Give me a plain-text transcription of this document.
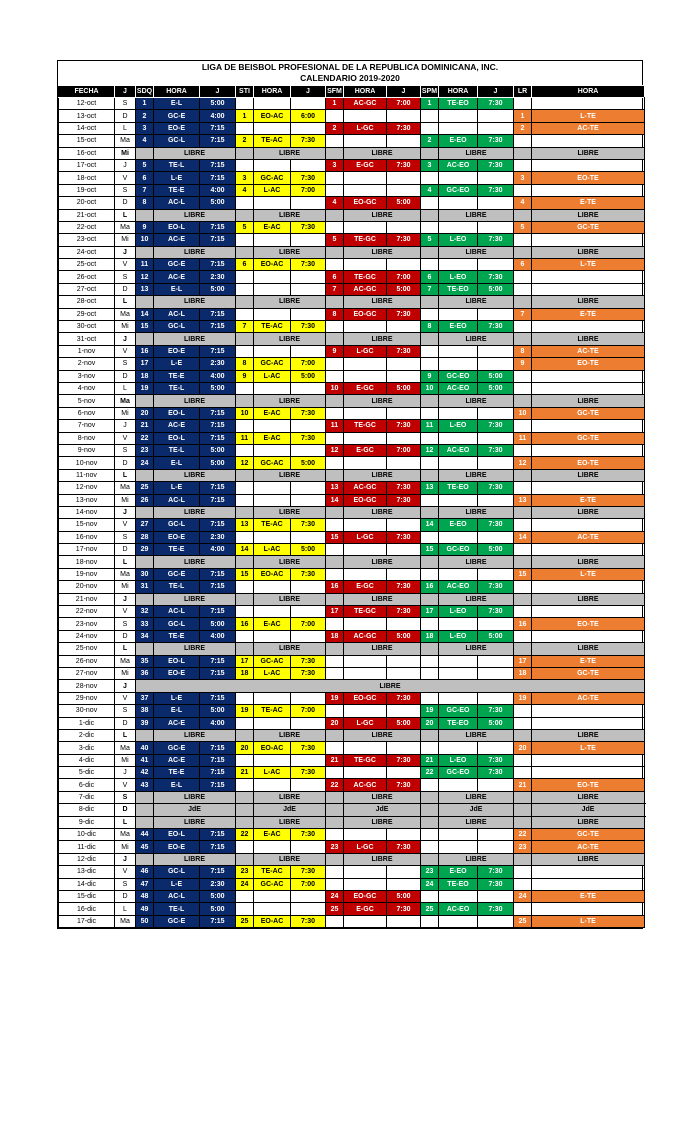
LIGA DE BEISBOL PROFESIONAL DE LA REPUBLICA DOMINICANA, INC.
CALENDARIO 2019-2020
FECHA	J	SDQ	HORA	J	STI	HORA	J	SFM	HORA	J	SPM	HORA	J	LR	HORA	
12-oct	S	1	E-L	5:00				1	AC-GC	7:00	1	TE-EO	7:30			
13-oct	D	2	GC-E	4:00	1	EO-AC	6:00							1	L-TE	
14-oct	L	3	EO-E	7:15				2	L-GC	7:30				2	AC-TE	
15-oct	Ma	4	GC-L	7:15	2	TE-AC	7:30				2	E-EO	7:30			
16-oct	Mi		LIBRE			LIBRE			LIBRE			LIBRE			LIBRE	
17-oct	J	5	TE-L	7:15				3	E-GC	7:30	3	AC-EO	7:30			
18-oct	V	6	L-E	7:15	3	GC-AC	7:30							3	EO-TE	
19-oct	S	7	TE-E	4:00	4	L-AC	7:00				4	GC-EO	7:30			
20-oct	D	8	AC-L	5:00				4	EO-GC	5:00				4	E-TE	
21-oct	L		LIBRE			LIBRE			LIBRE			LIBRE			LIBRE	
22-oct	Ma	9	EO-L	7:15	5	E-AC	7:30							5	GC-TE	
23-oct	Mi	10	AC-E	7:15				5	TE-GC	7:30	5	L-EO	7:30			
24-oct	J		LIBRE			LIBRE			LIBRE			LIBRE			LIBRE	
25-oct	V	11	GC-E	7:15	6	EO-AC	7:30							6	L-TE	
26-oct	S	12	AC-E	2:30				6	TE-GC	7:00	6	L-EO	7:30			
27-oct	D	13	E-L	5:00				7	AC-GC	5:00	7	TE-EO	5:00			
28-oct	L		LIBRE			LIBRE			LIBRE			LIBRE			LIBRE	
29-oct	Ma	14	AC-L	7:15				8	EO-GC	7:30				7	E-TE	
30-oct	Mi	15	GC-L	7:15	7	TE-AC	7:30				8	E-EO	7:30			
31-oct	J		LIBRE			LIBRE			LIBRE			LIBRE			LIBRE	
1-nov	V	16	EO-E	7:15				9	L-GC	7:30				8	AC-TE	
2-nov	S	17	L-E	2:30	8	GC-AC	7:00							9	EO-TE	
3-nov	D	18	TE-E	4:00	9	L-AC	5:00				9	GC-EO	5:00			
4-nov	L	19	TE-L	5:00				10	E-GC	5:00	10	AC-EO	5:00			
5-nov	Ma		LIBRE			LIBRE			LIBRE			LIBRE			LIBRE	
6-nov	Mi	20	EO-L	7:15	10	E-AC	7:30							10	GC-TE	
7-nov	J	21	AC-E	7:15				11	TE-GC	7:30	11	L-EO	7:30			
8-nov	V	22	EO-L	7:15	11	E-AC	7:30							11	GC-TE	
9-nov	S	23	TE-L	5:00				12	E-GC	7:00	12	AC-EO	7:30			
10-nov	D	24	E-L	5:00	12	GC-AC	5:00							12	EO-TE	
11-nov	L		LIBRE			LIBRE			LIBRE			LIBRE			LIBRE	
12-nov	Ma	25	L-E	7:15				13	AC-GC	7:30	13	TE-EO	7:30			
13-nov	Mi	26	AC-L	7:15				14	EO-GC	7:30				13	E-TE	
14-nov	J		LIBRE			LIBRE			LIBRE			LIBRE			LIBRE	
15-nov	V	27	GC-L	7:15	13	TE-AC	7:30				14	E-EO	7:30			
16-nov	S	28	EO-E	2:30				15	L-GC	7:30				14	AC-TE	
17-nov	D	29	TE-E	4:00	14	L-AC	5:00				15	GC-EO	5:00			
18-nov	L		LIBRE			LIBRE			LIBRE			LIBRE			LIBRE	
19-nov	Ma	30	GC-E	7:15	15	EO-AC	7:30							15	L-TE	
20-nov	Mi	31	TE-L	7:15				16	E-GC	7:30	16	AC-EO	7:30			
21-nov	J		LIBRE			LIBRE			LIBRE			LIBRE			LIBRE	
22-nov	V	32	AC-L	7:15				17	TE-GC	7:30	17	L-EO	7:30			
23-nov	S	33	GC-L	5:00	16	E-AC	7:00							16	EO-TE	
24-nov	D	34	TE-E	4:00				18	AC-GC	5:00	18	L-EO	5:00			
25-nov	L		LIBRE			LIBRE			LIBRE			LIBRE			LIBRE	
26-nov	Ma	35	EO-L	7:15	17	GC-AC	7:30							17	E-TE	
27-nov	Mi	36	EO-E	7:15	18	L-AC	7:30							18	GC-TE	
28-nov	J	LIBRE														
29-nov	V	37	L-E	7:15				19	EO-GC	7:30				19	AC-TE	
30-nov	S	38	E-L	5:00	19	TE-AC	7:00				19	GC-EO	7:30			
1-dic	D	39	AC-E	4:00				20	L-GC	5:00	20	TE-EO	5:00			
2-dic	L		LIBRE			LIBRE			LIBRE			LIBRE			LIBRE	
3-dic	Ma	40	GC-E	7:15	20	EO-AC	7:30							20	L-TE	
4-dic	Mi	41	AC-E	7:15				21	TE-GC	7:30	21	L-EO	7:30			
5-dic	J	42	TE-E	7:15	21	L-AC	7:30				22	GC-EO	7:30			
6-dic	V	43	E-L	7:15				22	AC-GC	7:30				21	EO-TE	
7-dic	S		LIBRE			LIBRE			LIBRE			LIBRE			LIBRE	
8-dic	D		JdE			JdE			JdE			JdE			JdE	
9-dic	L		LIBRE			LIBRE			LIBRE			LIBRE			LIBRE	
10-dic	Ma	44	EO-L	7:15	22	E-AC	7:30							22	GC-TE	
11-dic	Mi	45	EO-E	7:15				23	L-GC	7:30				23	AC-TE	
12-dic	J		LIBRE			LIBRE			LIBRE			LIBRE			LIBRE	
13-dic	V	46	GC-L	7:15	23	TE-AC	7:30				23	E-EO	7:30			
14-dic	S	47	L-E	2:30	24	GC-AC	7:00				24	TE-EO	7:30			
15-dic	D	48	AC-L	5:00				24	EO-GC	5:00				24	E-TE	
16-dic	L	49	TE-L	5:00				25	E-GC	7:30	25	AC-EO	7:30			
17-dic	Ma	50	GC-E	7:15	25	EO-AC	7:30							25	L-TE	
